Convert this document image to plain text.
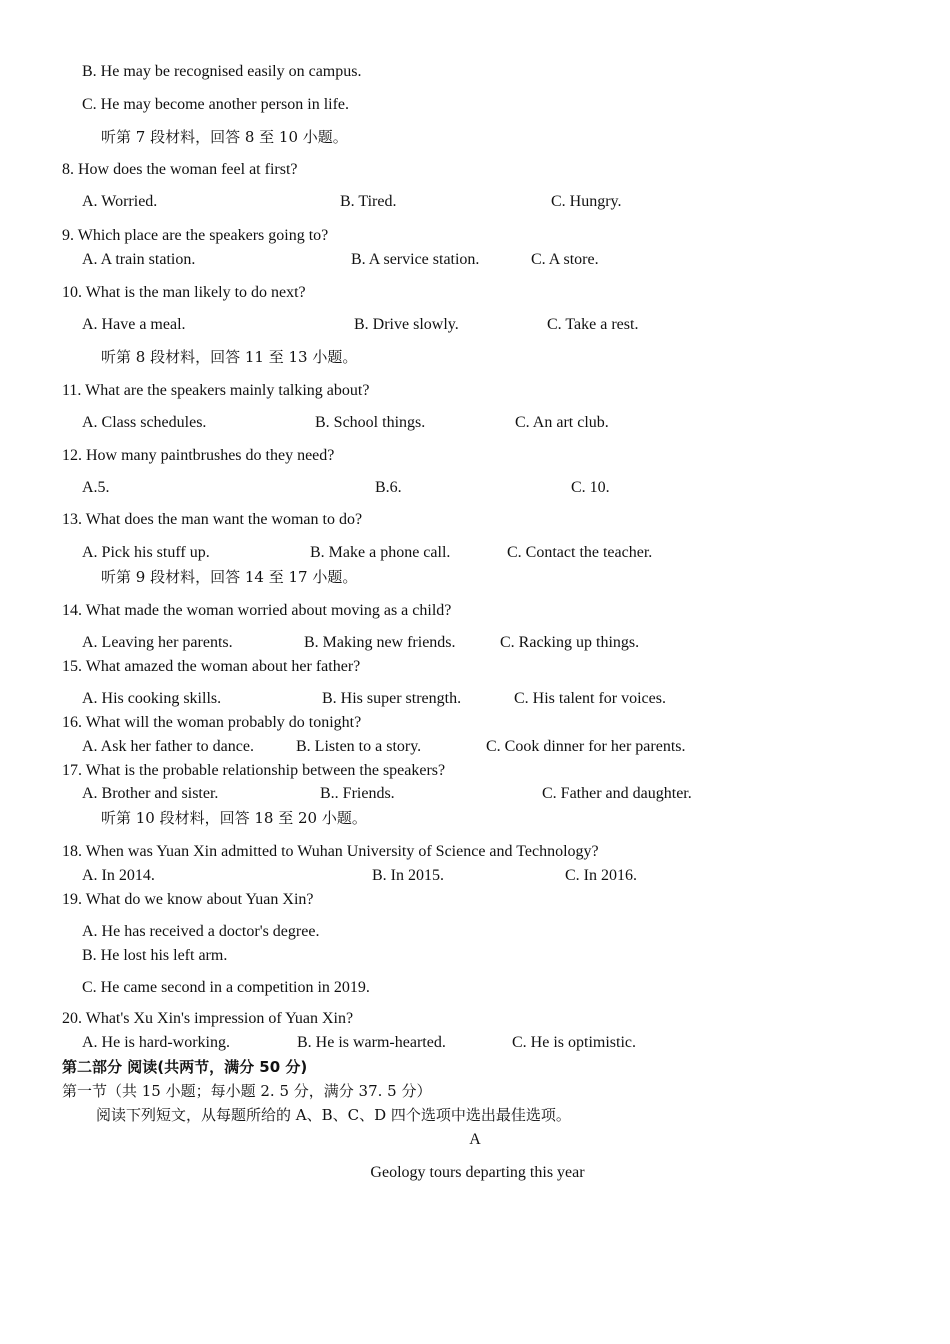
B. He may be recognised easily on campus.
C. He may become another person in life.
听第 7 段材料，回答 8 至 10 小题。
8. How does the woman feel at first?
A. Worried.	B. Tired.	C. Hungry.
9. Which place are the speakers going to?
A. A train station.	B. A service station.	C. A store.
10. What is the man likely to do next?
A. Have a meal.	B. Drive slowly.	C. Take a rest.
听第 8 段材料，回答 11 至 13 小题。
11. What are the speakers mainly talking about?
A. Class schedules.	B. School things.	C. An art club.
12. How many paintbrushes do they need?
A.5.	B.6.	C. 10.
13. What does the man want the woman to do?
A. Pick his stuff up.	B. Make a phone call.	C. Contact the teacher.
听第 9 段材料，回答 14 至 17 小题。
14. What made the woman worried about moving as a child?
A. Leaving her parents.	B. Making new friends.	C. Racking up things.
15. What amazed the woman about her father?
A. His cooking skills.	B. His super strength.	C. His talent for voices.
16. What will the woman probably do tonight?
A. Ask her father to dance.	B. Listen to a story.	C. Cook dinner for her parents.
17. What is the probable relationship between the speakers?
A. Brother and sister.	B.. Friends.	C. Father and daughter.
听第 10 段材料，回答 18 至 20 小题。
18. When was Yuan Xin admitted to Wuhan University of Science and Technology?
A. In 2014.	B. In 2015.	C. In 2016.
19. What do we know about Yuan Xin?
A. He has received a doctor's degree.
B. He lost his left arm.
C. He came second in a competition in 2019.
20. What's Xu Xin's impression of Yuan Xin?
A. He is hard-working.	B. He is warm-hearted.	C. He is optimistic.
第二部分 阅读(共两节，满分 50 分)
第一节（共 15 小题；每小题 2. 5 分，满分 37. 5 分）
阅读下列短文，从每题所给的 A、B、C、D 四个选项中选出最佳选项。
A
Geology tours departing this year
